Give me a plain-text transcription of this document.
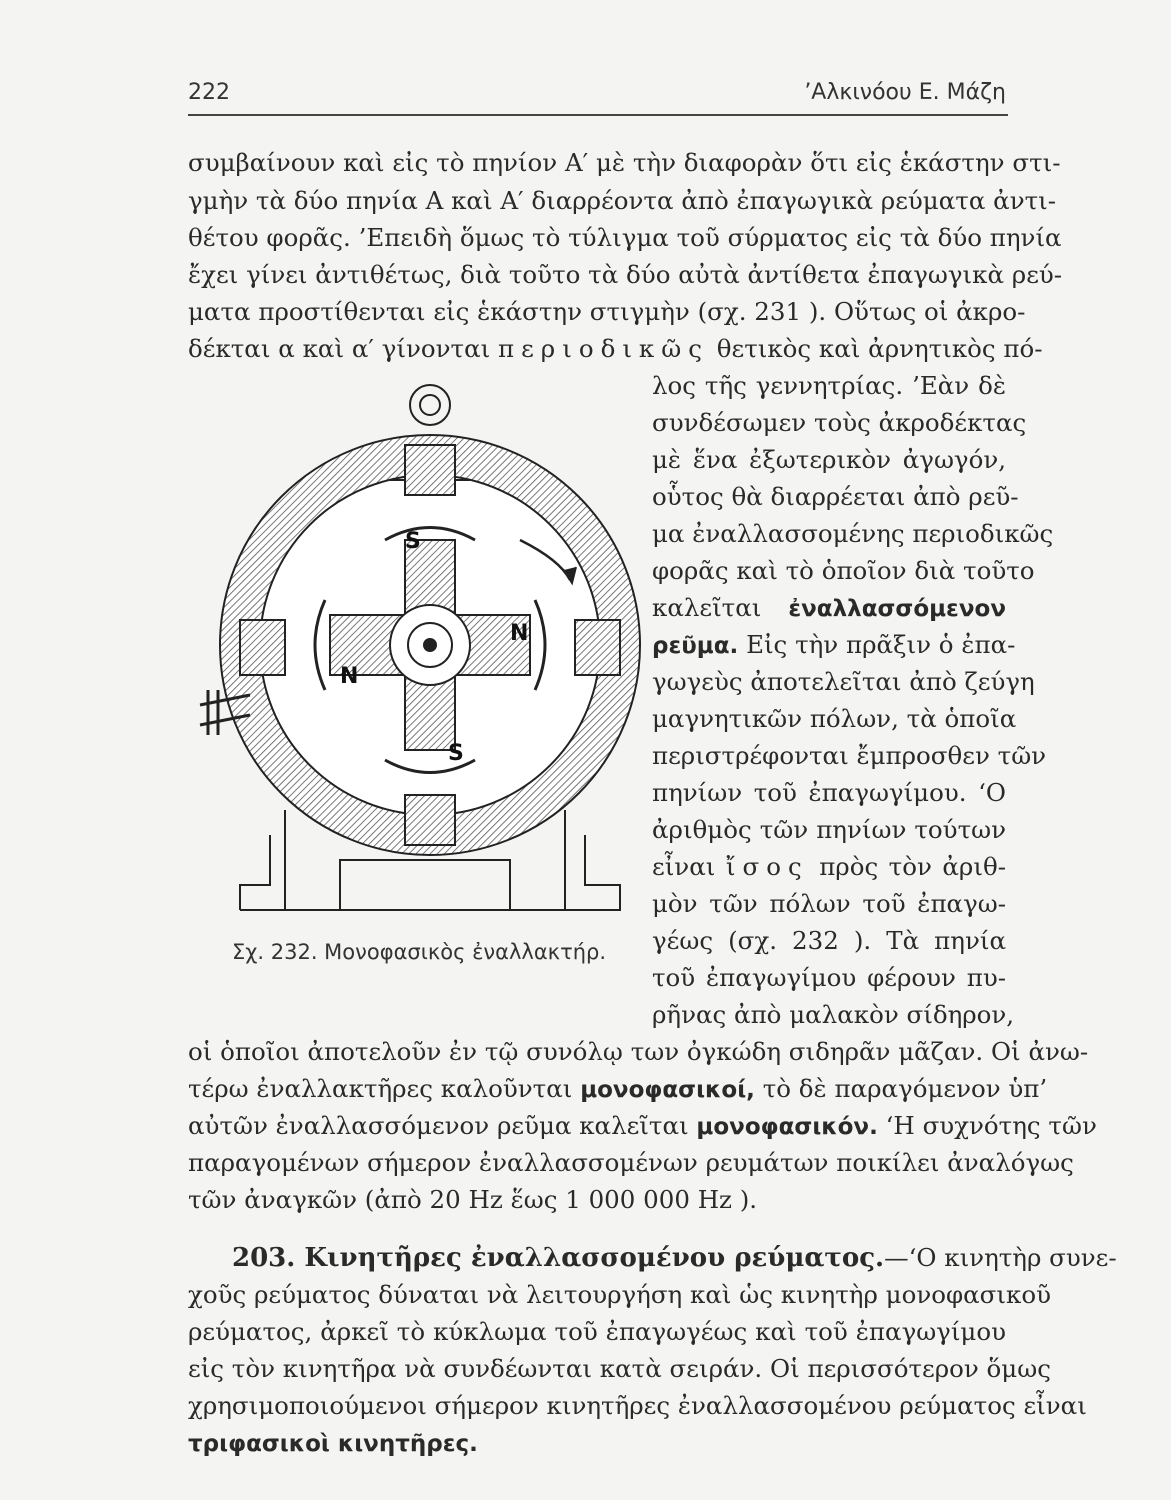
222	’Αλκινόου Ε. Μάζη
συμβαίνουν καὶ εἰς τὸ πηνίον Α′ μὲ τὴν διαφορὰν ὅτι εἰς ἑκάστην στι-
γμὴν τὰ δύο πηνία Α καὶ Α′ διαρρέοντα ἀπὸ ἐπαγωγικὰ ρεύματα ἀντι-
θέτου φορᾶς. ’Επειδὴ ὅμως τὸ τύλιγμα τοῦ σύρματος εἰς τὰ δύο πηνία
ἔχει γίνει ἀντιθέτως, διὰ τοῦτο τὰ δύο αὐτὰ ἀντίθετα ἐπαγωγικὰ ρεύ-
ματα προστίθενται εἰς ἑκάστην στιγμὴν (σχ. 231 ). Οὕτως οἱ ἀκρο-
δέκται α καὶ α′ γίνονται περιοδικῶς θετικὸς καὶ ἀρνητικὸς πό-
λος τῆς γεννητρίας. ’Εὰν δὲ
συνδέσωμεν τοὺς ἀκροδέκτας
μὲ ἕνα ἐξωτερικὸν ἀγωγόν,
οὗτος θὰ διαρρέεται ἀπὸ ρεῦ-
μα ἐναλλασσομένης περιοδικῶς
φορᾶς καὶ τὸ ὁποῖον διὰ τοῦτο
καλεῖται ἐναλλασσόμενον
ρεῦμα. Εἰς τὴν πρᾶξιν ὁ ἐπα-
γωγεὺς ἀποτελεῖται ἀπὸ ζεύγη
μαγνητικῶν πόλων, τὰ ὁποῖα
περιστρέφονται ἔμπροσθεν τῶν
πηνίων τοῦ ἐπαγωγίμου. ‘Ο
ἀριθμὸς τῶν πηνίων τούτων
εἶναι ἴσος πρὸς τὸν ἀριθ-
μὸν τῶν πόλων τοῦ ἐπαγω-
γέως (σχ. 232 ). Τὰ πηνία
τοῦ ἐπαγωγίμου φέρουν πυ-
ρῆνας ἀπὸ μαλακὸν σίδηρον,
S
N
N
S
Σχ. 232. Μονοφασικὸς ἐναλλακτήρ.
οἱ ὁποῖοι ἀποτελοῦν ἐν τῷ συνόλῳ των ὀγκώδη σιδηρᾶν μᾶζαν. Οἱ ἀνω-
τέρω ἐναλλακτῆρες καλοῦνται μονοφασικοί, τὸ δὲ παραγόμενον ὑπ’
αὐτῶν ἐναλλασσόμενον ρεῦμα καλεῖται μονοφασικόν. ‘Η συχνότης τῶν
παραγομένων σήμερον ἐναλλασσομένων ρευμάτων ποικίλει ἀναλόγως
τῶν ἀναγκῶν (ἀπὸ 20 Hz ἕως 1 000 000 Hz ).
203. Κινητῆρες ἐναλλασσομένου ρεύματος.—‘Ο κινητὴρ συνε-
χοῦς ρεύματος δύναται νὰ λειτουργήση καὶ ὡς κινητὴρ μονοφασικοῦ
ρεύματος, ἀρκεῖ τὸ κύκλωμα τοῦ ἐπαγωγέως καὶ τοῦ ἐπαγωγίμου
εἰς τὸν κινητῆρα νὰ συνδέωνται κατὰ σειράν. Οἱ περισσότερον ὅμως
χρησιμοποιούμενοι σήμερον κινητῆρες ἐναλλασσομένου ρεύματος εἶναι
τριφασικοὶ κινητῆρες.
